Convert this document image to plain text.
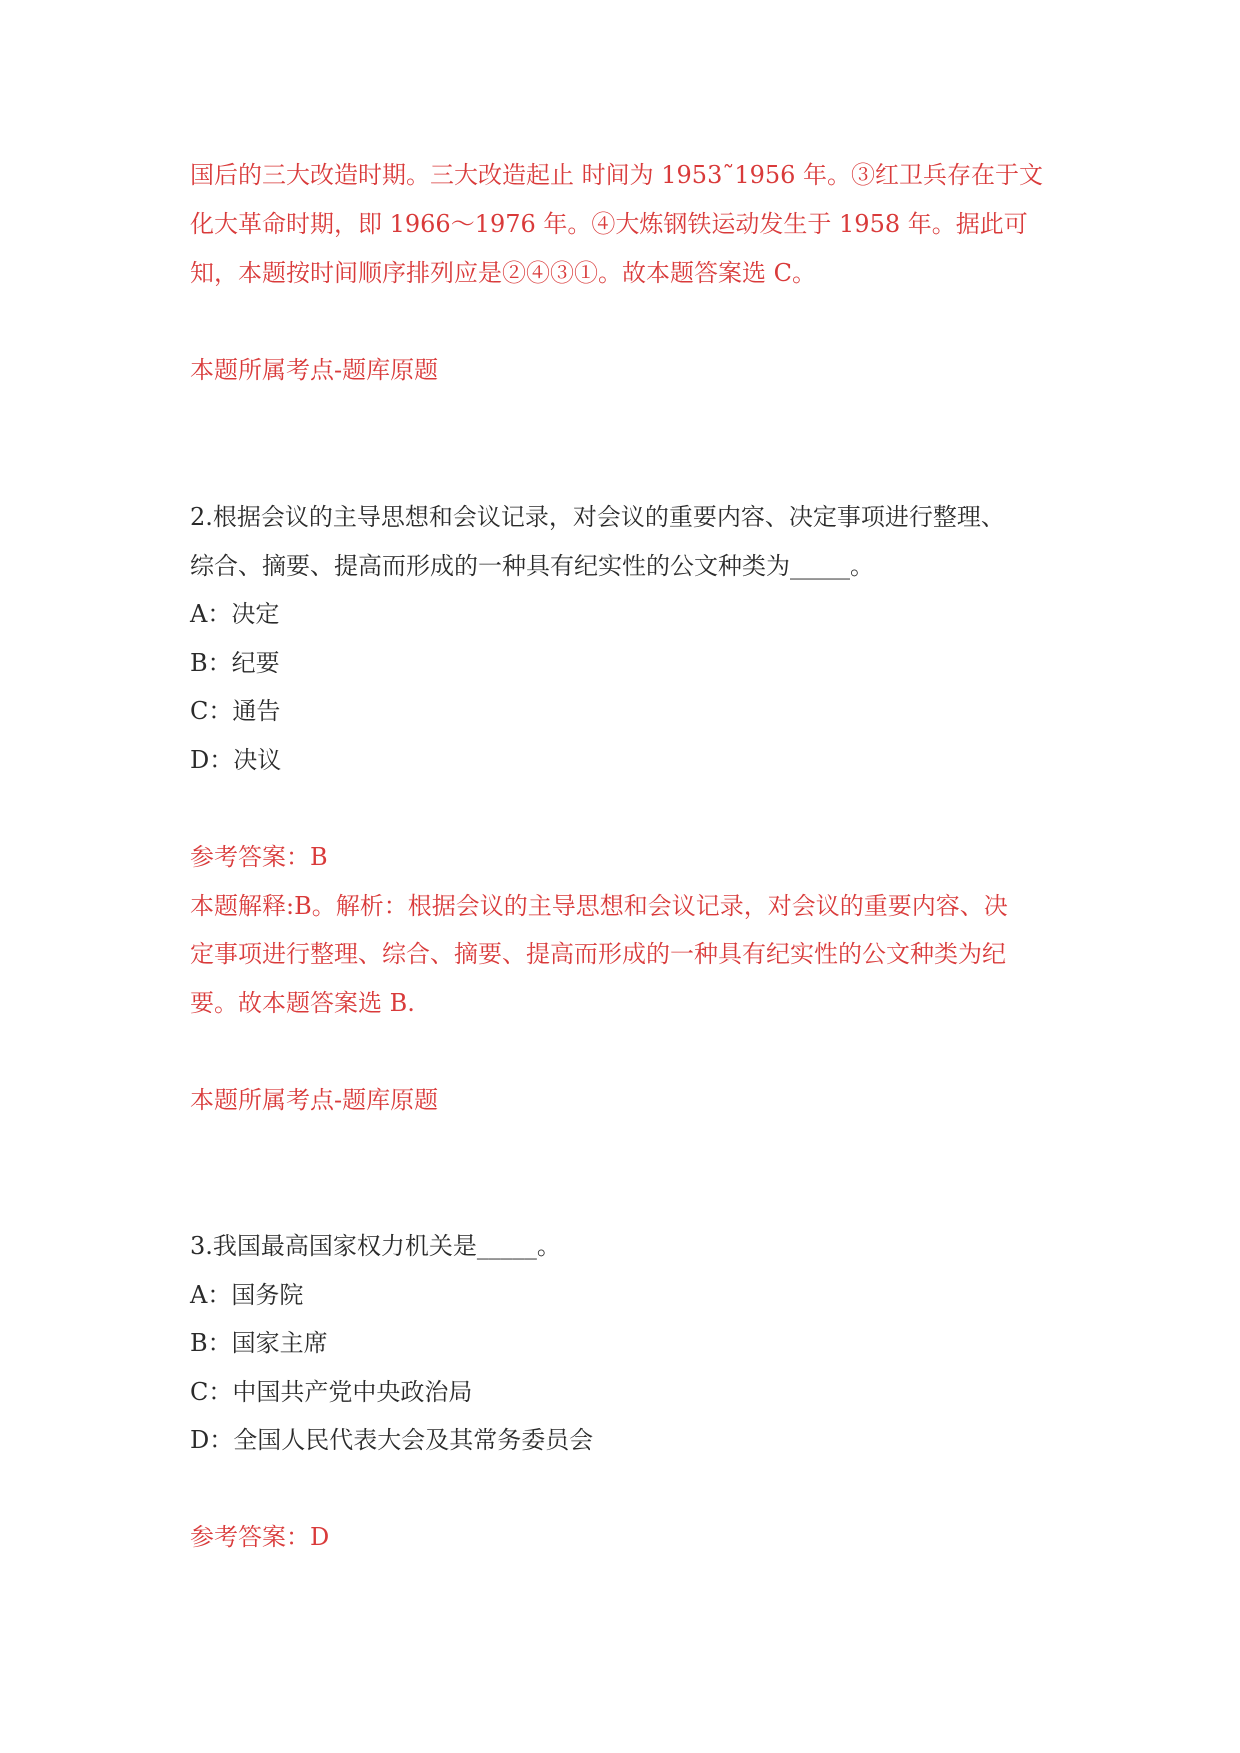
国后的三大改造时期。三大改造起止 时间为 1953˜1956 年。③红卫兵存在于文
化大革命时期，即 1966～1976 年。④大炼钢铁运动发生于 1958 年。据此可
知，本题按时间顺序排列应是②④③①。故本题答案选 C。
本题所属考点-题库原题
2.根据会议的主导思想和会议记录，对会议的重要内容、决定事项进行整理、
综合、摘要、提高而形成的一种具有纪实性的公文种类为_____。
A：决定
B：纪要
C：通告
D：决议
参考答案：B
本题解释:B。解析：根据会议的主导思想和会议记录，对会议的重要内容、决
定事项进行整理、综合、摘要、提高而形成的一种具有纪实性的公文种类为纪
要。故本题答案选 B.
本题所属考点-题库原题
3.我国最高国家权力机关是_____。
A：国务院
B：国家主席
C：中国共产党中央政治局
D：全国人民代表大会及其常务委员会
参考答案：D
